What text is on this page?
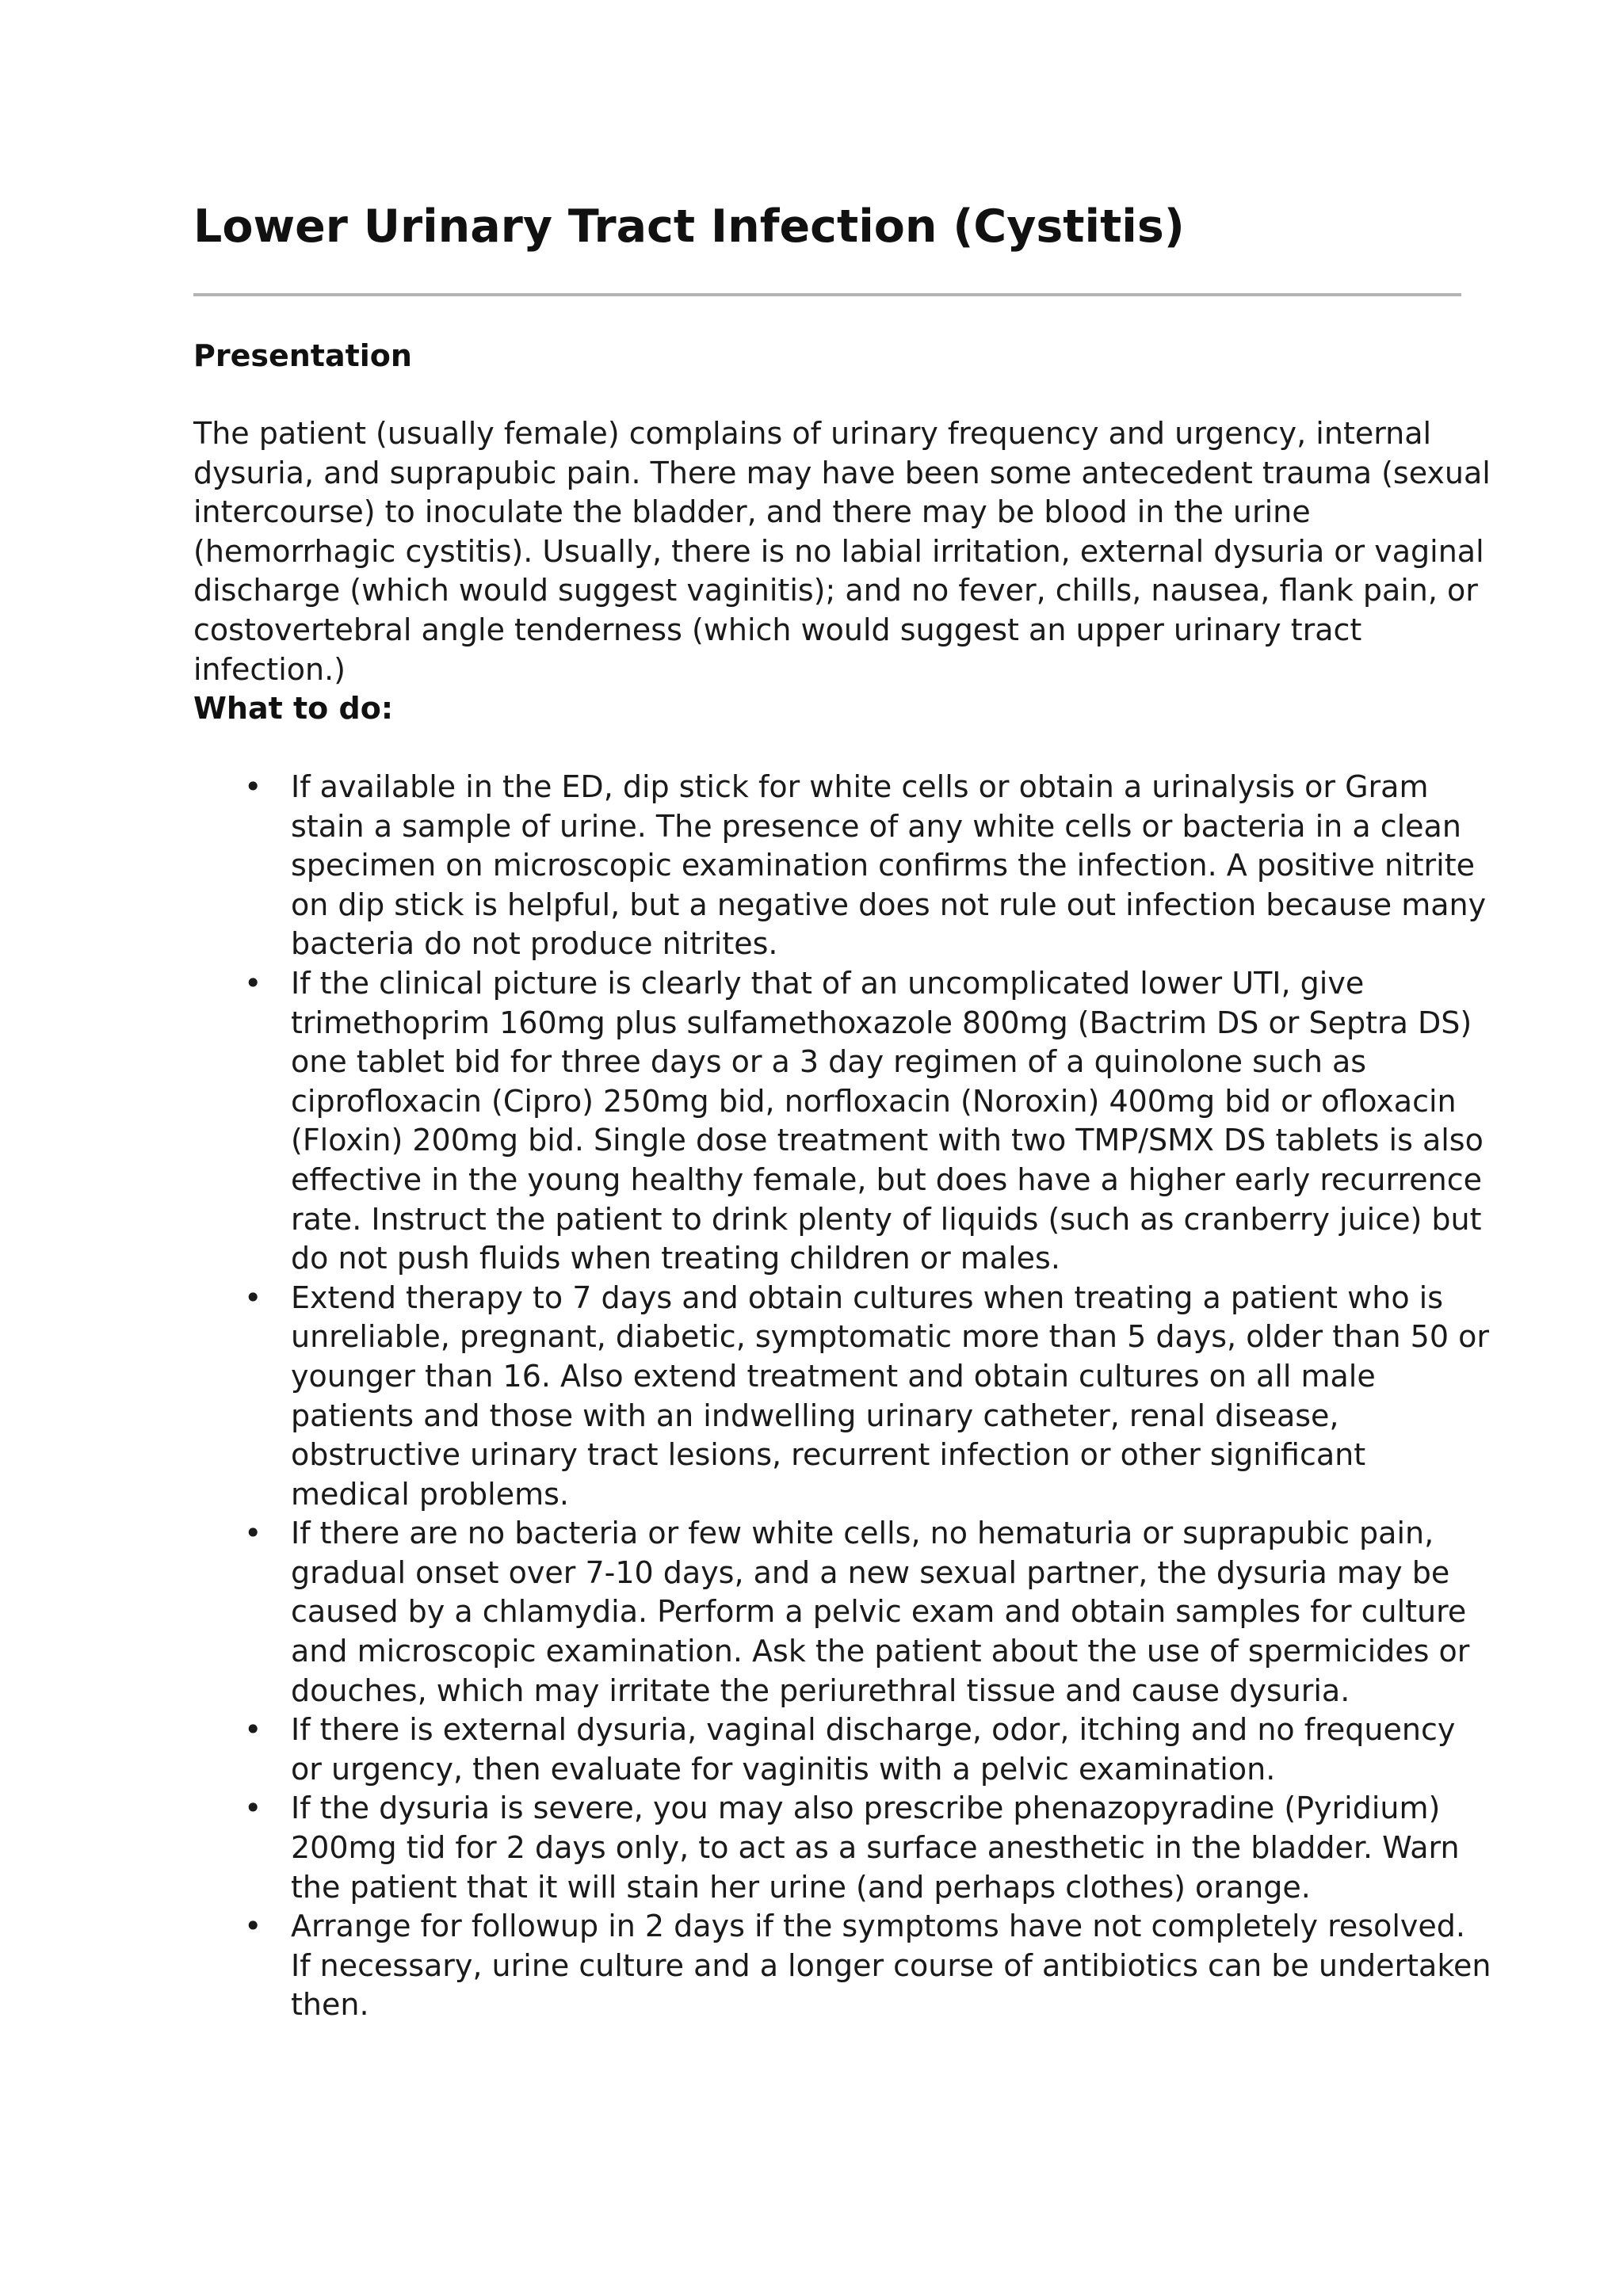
Lower Urinary Tract Infection (Cystitis)
Presentation

The patient (usually female) complains of urinary frequency and urgency, internal dysuria, and suprapubic pain. There may have been some antecedent trauma (sexual intercourse) to inoculate the bladder, and there may be blood in the urine (hemorrhagic cystitis). Usually, there is no labial irritation, external dysuria or vaginal discharge (which would suggest vaginitis); and no fever, chills, nausea, flank pain, or costovertebral angle tenderness (which would suggest an upper urinary tract infection.)

What to do:
• If available in the ED, dip stick for white cells or obtain a urinalysis or Gram stain a sample of urine. The presence of any white cells or bacteria in a clean specimen on microscopic examination confirms the infection. A positive nitrite on dip stick is helpful, but a negative does not rule out infection because many bacteria do not produce nitrites.
• If the clinical picture is clearly that of an uncomplicated lower UTI, give trimethoprim 160mg plus sulfamethoxazole 800mg (Bactrim DS or Septra DS) one tablet bid for three days or a 3 day regimen of a quinolone such as ciprofloxacin (Cipro) 250mg bid, norfloxacin (Noroxin) 400mg bid or ofloxacin (Floxin) 200mg bid. Single dose treatment with two TMP/SMX DS tablets is also effective in the young healthy female, but does have a higher early recurrence rate. Instruct the patient to drink plenty of liquids (such as cranberry juice) but do not push fluids when treating children or males.
• Extend therapy to 7 days and obtain cultures when treating a patient who is unreliable, pregnant, diabetic, symptomatic more than 5 days, older than 50 or younger than 16. Also extend treatment and obtain cultures on all male patients and those with an indwelling urinary catheter, renal disease, obstructive urinary tract lesions, recurrent infection or other significant medical problems.
• If there are no bacteria or few white cells, no hematuria or suprapubic pain, gradual onset over 7-10 days, and a new sexual partner, the dysuria may be caused by a chlamydia. Perform a pelvic exam and obtain samples for culture and microscopic examination. Ask the patient about the use of spermicides or douches, which may irritate the periurethral tissue and cause dysuria.
• If there is external dysuria, vaginal discharge, odor, itching and no frequency or urgency, then evaluate for vaginitis with a pelvic examination.
• If the dysuria is severe, you may also prescribe phenazopyradine (Pyridium) 200mg tid for 2 days only, to act as a surface anesthetic in the bladder. Warn the patient that it will stain her urine (and perhaps clothes) orange.
• Arrange for followup in 2 days if the symptoms have not completely resolved. If necessary, urine culture and a longer course of antibiotics can be undertaken then.
